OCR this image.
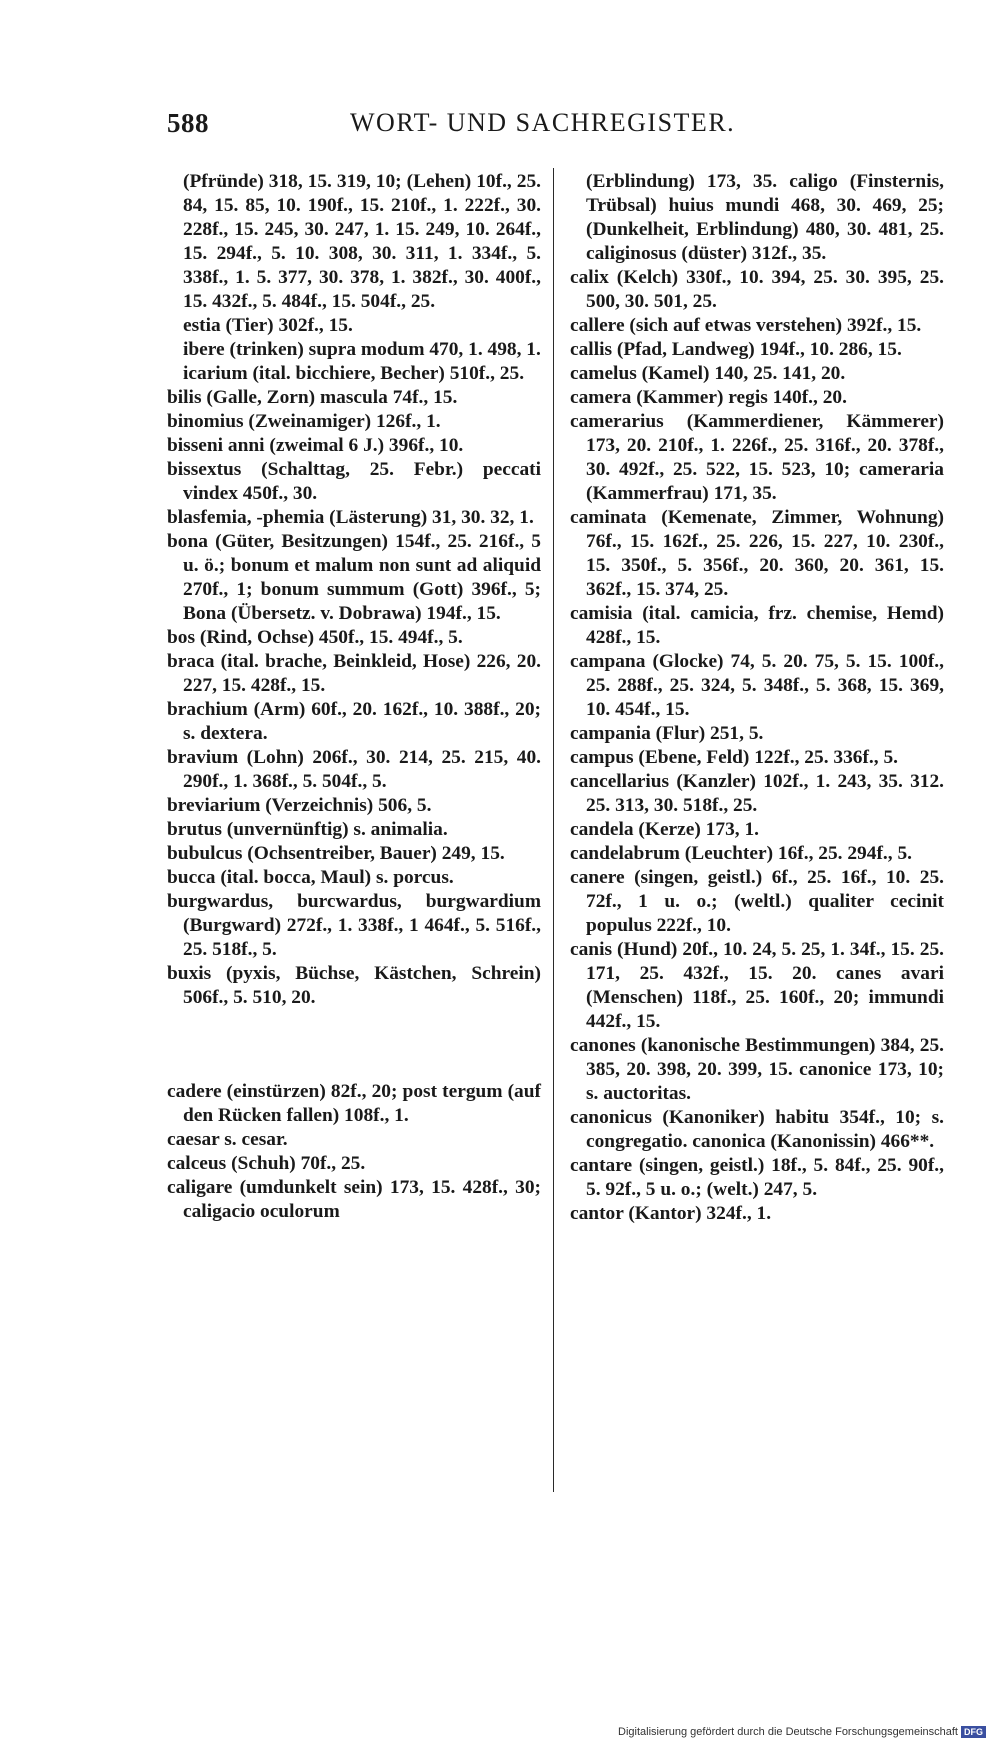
588	WORT- UND SACHREGISTER.

(Pfründe) 318, 15. 319, 10; (Lehen) 10f., 25. 84, 15. 85, 10. 190f., 15. 210f., 1. 222f., 30. 228f., 15. 245, 30. 247, 1. 15. 249, 10. 264f., 15. 294f., 5. 10. 308, 30. 311, 1. 334f., 5. 338f., 1. 5. 377, 30. 378, 1. 382f., 30. 400f., 15. 432f., 5. 484f., 15. 504f., 25.

estia (Tier) 302f., 15.

ibere (trinken) supra modum 470, 1. 498, 1.

icarium (ital. bicchiere, Becher) 510f., 25.

bilis (Galle, Zorn) mascula 74f., 15.

binomius (Zweinamiger) 126f., 1.

bisseni anni (zweimal 6 J.) 396f., 10.

bissextus (Schalttag, 25. Febr.) peccati vindex 450f., 30.

blasfemia, -phemia (Lästerung) 31, 30. 32, 1.

bona (Güter, Besitzungen) 154f., 25. 216f., 5 u. ö.; bonum et malum non sunt ad aliquid 270f., 1; bonum summum (Gott) 396f., 5; Bona (Übersetz. v. Dobrawa) 194f., 15.

bos (Rind, Ochse) 450f., 15. 494f., 5.

braca (ital. brache, Beinkleid, Hose) 226, 20. 227, 15. 428f., 15.

brachium (Arm) 60f., 20. 162f., 10. 388f., 20; s. dextera.

bravium (Lohn) 206f., 30. 214, 25. 215, 40. 290f., 1. 368f., 5. 504f., 5.

breviarium (Verzeichnis) 506, 5.

brutus (unvernünftig) s. animalia.

bubulcus (Ochsentreiber, Bauer) 249, 15.

bucca (ital. bocca, Maul) s. porcus.

burgwardus, burcwardus, burgwardium (Burgward) 272f., 1. 338f., 1 464f., 5. 516f., 25. 518f., 5.

buxis (pyxis, Büchse, Kästchen, Schrein) 506f., 5. 510, 20.

cadere (einstürzen) 82f., 20; post tergum (auf den Rücken fallen) 108f., 1.

caesar s. cesar.

calceus (Schuh) 70f., 25.

caligare (umdunkelt sein) 173, 15. 428f., 30; caligacio oculorum

(Erblindung) 173, 35. caligo (Finsternis, Trübsal) huius mundi 468, 30. 469, 25; (Dunkelheit, Erblindung) 480, 30. 481, 25. caliginosus (düster) 312f., 35.

calix (Kelch) 330f., 10. 394, 25. 30. 395, 25. 500, 30. 501, 25.

callere (sich auf etwas verstehen) 392f., 15.

callis (Pfad, Landweg) 194f., 10. 286, 15.

camelus (Kamel) 140, 25. 141, 20.

camera (Kammer) regis 140f., 20.

camerarius (Kammerdiener, Kämmerer) 173, 20. 210f., 1. 226f., 25. 316f., 20. 378f., 30. 492f., 25. 522, 15. 523, 10; cameraria (Kammerfrau) 171, 35.

caminata (Kemenate, Zimmer, Wohnung) 76f., 15. 162f., 25. 226, 15. 227, 10. 230f., 15. 350f., 5. 356f., 20. 360, 20. 361, 15. 362f., 15. 374, 25.

camisia (ital. camicia, frz. chemise, Hemd) 428f., 15.

campana (Glocke) 74, 5. 20. 75, 5. 15. 100f., 25. 288f., 25. 324, 5. 348f., 5. 368, 15. 369, 10. 454f., 15.

campania (Flur) 251, 5.

campus (Ebene, Feld) 122f., 25. 336f., 5.

cancellarius (Kanzler) 102f., 1. 243, 35. 312. 25. 313, 30. 518f., 25.

candela (Kerze) 173, 1.

candelabrum (Leuchter) 16f., 25. 294f., 5.

canere (singen, geistl.) 6f., 25. 16f., 10. 25. 72f., 1 u. o.; (weltl.) qualiter cecinit populus 222f., 10.

canis (Hund) 20f., 10. 24, 5. 25, 1. 34f., 15. 25. 171, 25. 432f., 15. 20. canes avari (Menschen) 118f., 25. 160f., 20; immundi 442f., 15.

canones (kanonische Bestimmungen) 384, 25. 385, 20. 398, 20. 399, 15. canonice 173, 10; s. auctoritas.

canonicus (Kanoniker) habitu 354f., 10; s. congregatio. canonica (Kanonissin) 466**.

cantare (singen, geistl.) 18f., 5. 84f., 25. 90f., 5. 92f., 5 u. o.; (welt.) 247, 5.

cantor (Kantor) 324f., 1.

Digitalisierung gefördert durch die Deutsche Forschungsgemeinschaft DFG
